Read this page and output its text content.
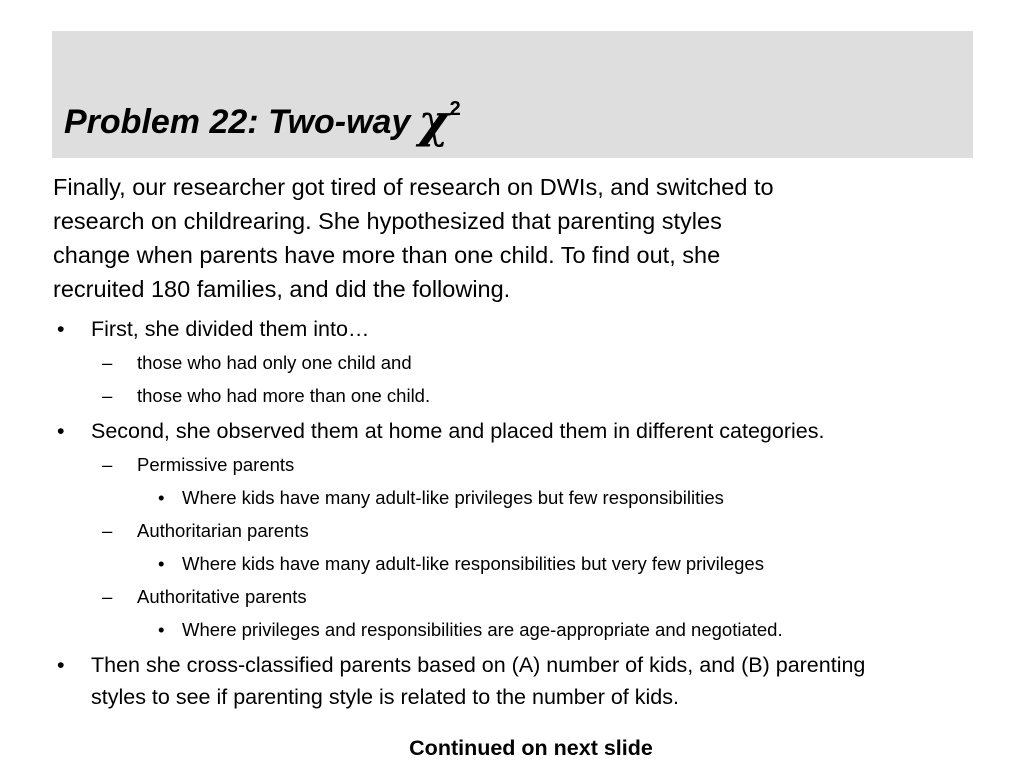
Problem 22: Two-way $\chi^2$

Finally, our researcher got tired of research on DWIs, and switched to
research on childrearing. She hypothesized that parenting styles
change when parents have more than one child. To find out, she
recruited 180 families, and did the following.

• First, she divided them into…
– those who had only one child and
– those who had more than one child.
• Second, she observed them at home and placed them in different categories.
– Permissive parents
• Where kids have many adult-like privileges but few responsibilities
– Authoritarian parents
• Where kids have many adult-like responsibilities but very few privileges
– Authoritative parents
• Where privileges and responsibilities are age-appropriate and negotiated.
• Then she cross-classified parents based on (A) number of kids, and (B) parenting
styles to see if parenting style is related to the number of kids.
Continued on next slide
